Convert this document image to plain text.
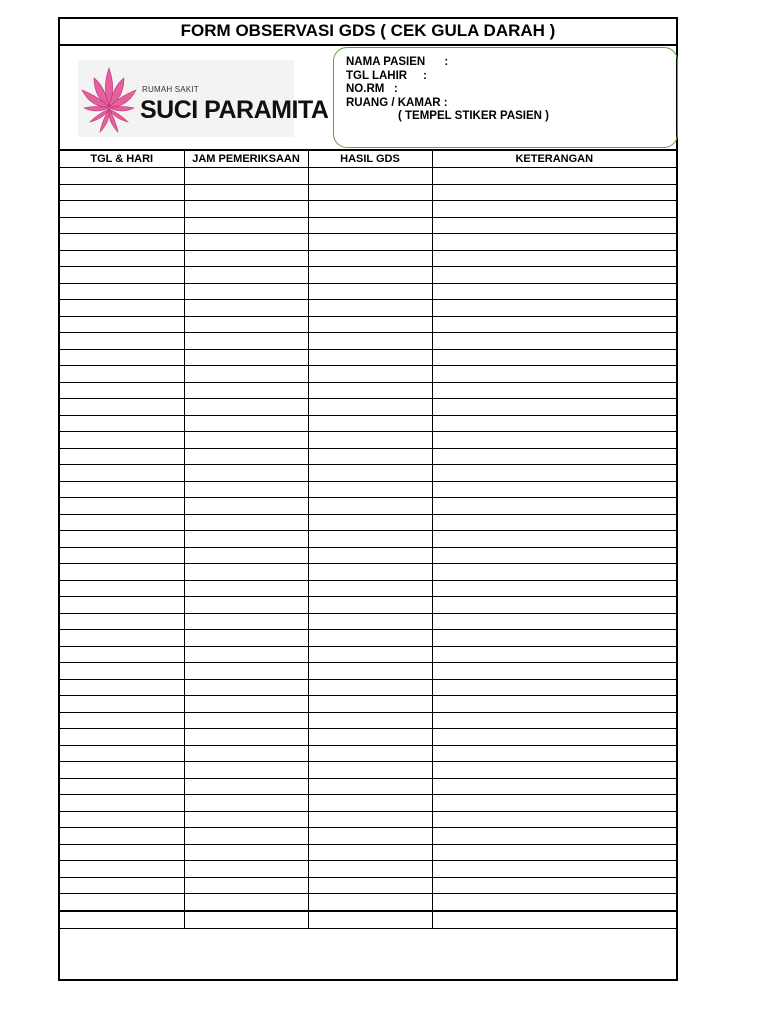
FORM OBSERVASI GDS ( CEK GULA DARAH )
RUMAH SAKIT
SUCI PARAMITA
NAMA PASIEN      :
TGL LAHIR     :
NO.RM   :
RUANG / KAMAR :
( TEMPEL STIKER PASIEN )
TGL & HARI	JAM PEMERIKSAAN	HASIL GDS	KETERANGAN
